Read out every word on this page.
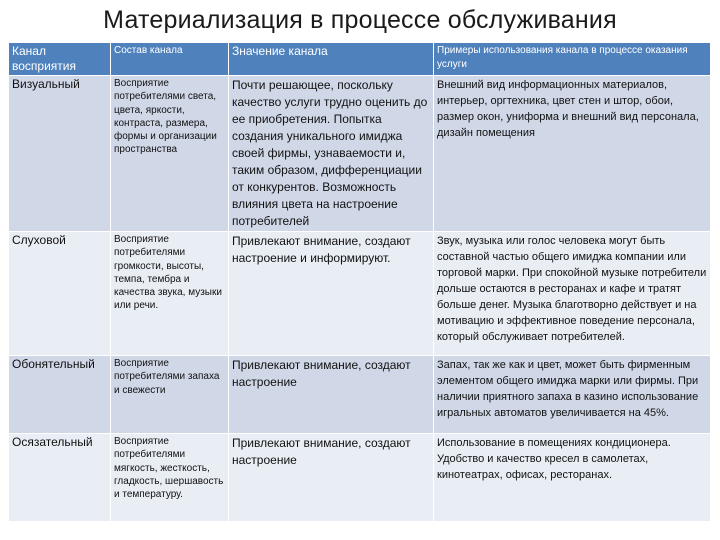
Материализация в процессе обслуживания
Канал восприятия	Состав канала	Значение канала	Примеры использования канала в процессе оказания услуги
Визуальный	Восприятие потребителями света, цвета, яркости, контраста, размера, формы и организации пространства	Почти решающее, поскольку качество услуги трудно оценить до ее приобретения. Попытка создания уникального имиджа своей фирмы, узнаваемости и, таким образом, дифференциации от конкурентов. Возможность влияния цвета на настроение потребителей	Внешний вид информационных материалов, интерьер, оргтехника, цвет стен и штор, обои, размер окон, униформа и внешний вид персонала, дизайн помещения
Слуховой	Восприятие потребителями громкости, высоты, темпа, тембра и качества звука, музыки или речи.	Привлекают внимание, создают настроение и информируют.	Звук, музыка или голос человека могут быть составной частью общего имиджа компании или торговой марки. При спокойной музыке потребители дольше остаются в ресторанах и кафе и тратят больше денег. Музыка благотворно действует и на мотивацию и эффективное поведение персонала, который обслуживает потребителей.
Обонятельный	Восприятие потребителями запаха и свежести	Привлекают внимание, создают настроение	Запах, так же как и цвет, может быть фирменным элементом общего имиджа марки или фирмы. При наличии приятного запаха в казино использование игральных автоматов увеличивается на 45%.
Осязательный	Восприятие потребителями мягкость, жесткость, гладкость, шершавость и температуру.	Привлекают внимание, создают настроение	Использование в помещениях кондиционера. Удобство и качество кресел в самолетах, кинотеатрах, офисах, ресторанах.
